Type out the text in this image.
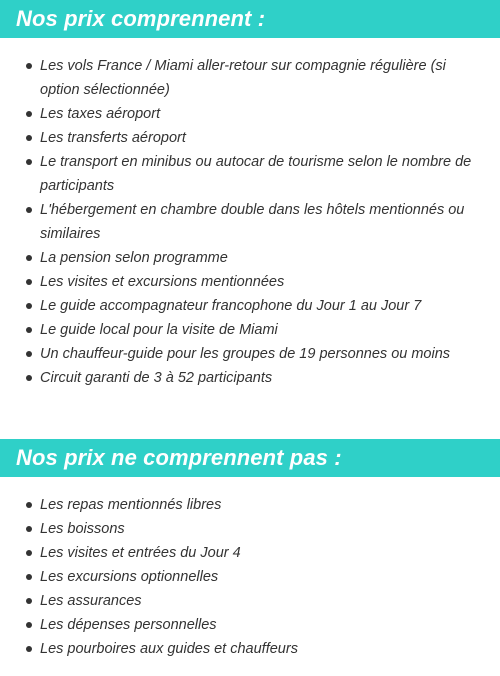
Nos prix comprennent :
Les vols France / Miami aller-retour sur compagnie régulière (si option sélectionnée)
Les taxes aéroport
Les transferts aéroport
Le transport en minibus ou autocar de tourisme selon le nombre de participants
L'hébergement en chambre double dans les hôtels mentionnés ou similaires
La pension selon programme
Les visites et excursions mentionnées
Le guide accompagnateur francophone du Jour 1 au Jour 7
Le guide local pour la visite de Miami
Un chauffeur-guide pour les groupes de 19 personnes ou moins
Circuit garanti de 3 à 52 participants
Nos prix ne comprennent pas :
Les repas mentionnés libres
Les boissons
Les visites et entrées du Jour 4
Les excursions optionnelles
Les assurances
Les dépenses personnelles
Les pourboires aux guides et chauffeurs
